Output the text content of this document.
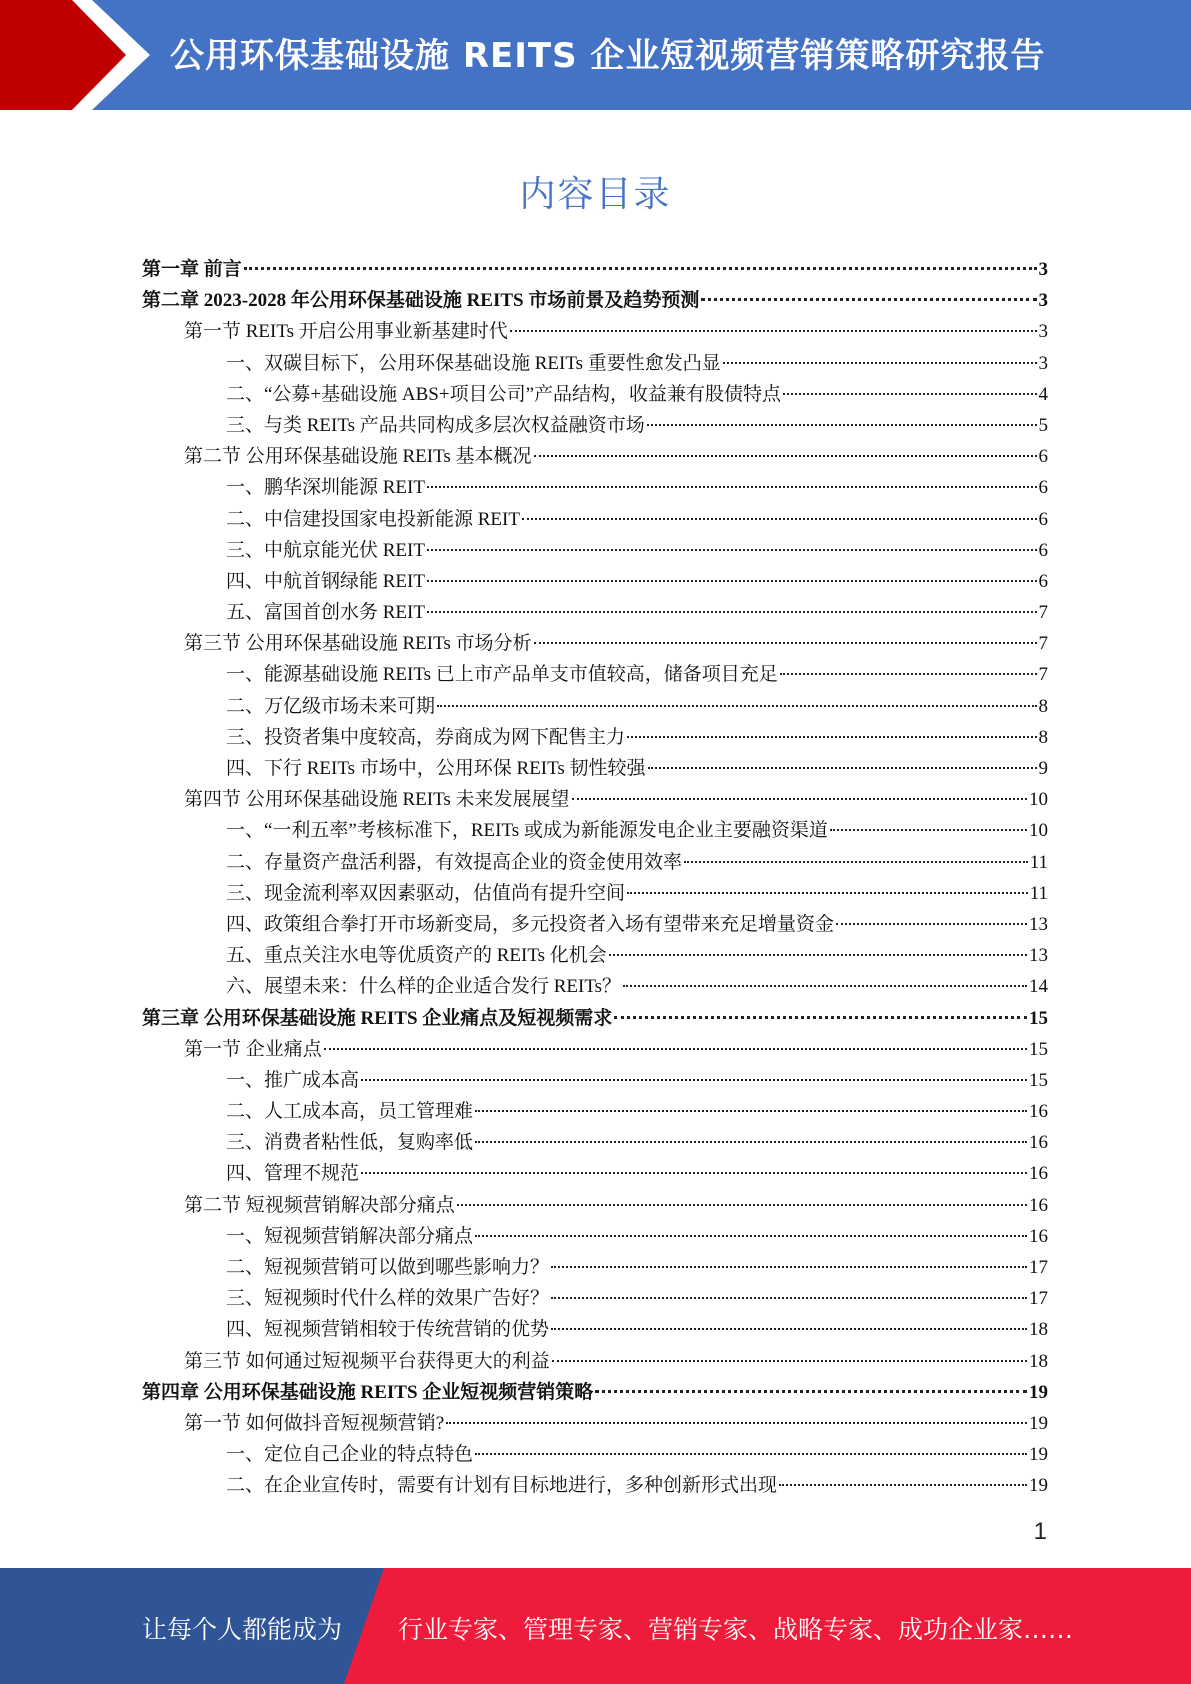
公用环保基础设施 REITS 企业短视频营销策略研究报告
内容目录
第一章 前言	3
第二章 2023-2028 年公用环保基础设施 REITS 市场前景及趋势预测	3
第一节 REITs 开启公用事业新基建时代	3
一、双碳目标下，公用环保基础设施 REITs 重要性愈发凸显	3
二、“公募+基础设施 ABS+项目公司”产品结构，收益兼有股债特点	4
三、与类 REITs 产品共同构成多层次权益融资市场	5
第二节 公用环保基础设施 REITs 基本概况	6
一、鹏华深圳能源 REIT	6
二、中信建投国家电投新能源 REIT	6
三、中航京能光伏 REIT	6
四、中航首钢绿能 REIT	6
五、富国首创水务 REIT	7
第三节 公用环保基础设施 REITs 市场分析	7
一、能源基础设施 REITs 已上市产品单支市值较高，储备项目充足	7
二、万亿级市场未来可期	8
三、投资者集中度较高，券商成为网下配售主力	8
四、下行 REITs 市场中，公用环保 REITs 韧性较强	9
第四节 公用环保基础设施 REITs 未来发展展望	10
一、“一利五率”考核标准下，REITs 或成为新能源发电企业主要融资渠道	10
二、存量资产盘活利器，有效提高企业的资金使用效率	11
三、现金流利率双因素驱动，估值尚有提升空间	11
四、政策组合拳打开市场新变局，多元投资者入场有望带来充足增量资金	13
五、重点关注水电等优质资产的 REITs 化机会	13
六、展望未来：什么样的企业适合发行 REITs？	14
第三章 公用环保基础设施 REITS 企业痛点及短视频需求	15
第一节 企业痛点	15
一、推广成本高	15
二、人工成本高，员工管理难	16
三、消费者粘性低，复购率低	16
四、管理不规范	16
第二节 短视频营销解决部分痛点	16
一、短视频营销解决部分痛点	16
二、短视频营销可以做到哪些影响力？	17
三、短视频时代什么样的效果广告好？	17
四、短视频营销相较于传统营销的优势	18
第三节 如何通过短视频平台获得更大的利益	18
第四章 公用环保基础设施 REITS 企业短视频营销策略	19
第一节 如何做抖音短视频营销?	19
一、定位自己企业的特点特色	19
二、在企业宣传时，需要有计划有目标地进行，多种创新形式出现	19
1
让每个人都能成为 行业专家、管理专家、营销专家、战略专家、成功企业家……
